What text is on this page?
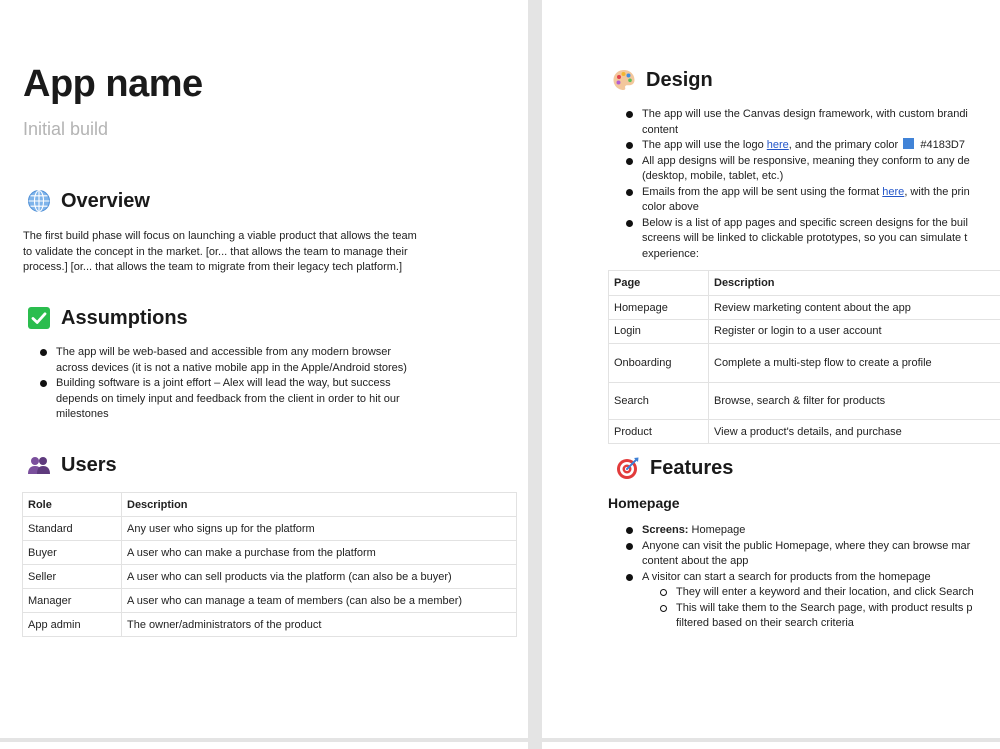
App name
Initial build
Overview
The first build phase will focus on launching a viable product that allows the team
to validate the concept in the market. [or... that allows the team to manage their
process.] [or... that allows the team to migrate from their legacy tech platform.]
Assumptions
The app will be web-based and accessible from any modern browser
across devices (it is not a native mobile app in the Apple/Android stores)
Building software is a joint effort – Alex will lead the way, but success
depends on timely input and feedback from the client in order to hit our
milestones
Users
Role	Description
Standard	Any user who signs up for the platform
Buyer	A user who can make a purchase from the platform
Seller	A user who can sell products via the platform (can also be a buyer)
Manager	A user who can manage a team of members (can also be a member)
App admin	The owner/administrators of the product
Design
The app will use the Canvas design framework, with custom brandi
content
The app will use the logo here, and the primary color  #4183D7
All app designs will be responsive, meaning they conform to any de
(desktop, mobile, tablet, etc.)
Emails from the app will be sent using the format here, with the prin
color above
Below is a list of app pages and specific screen designs for the buil
screens will be linked to clickable prototypes, so you can simulate t
experience:
Page	Description
Homepage	Review marketing content about the app
Login	Register or login to a user account
Onboarding	Complete a multi-step flow to create a profile
Search	Browse, search & filter for products
Product	View a product's details, and purchase
Features
Homepage
Screens: Homepage
Anyone can visit the public Homepage, where they can browse mar
content about the app
A visitor can start a search for products from the homepage
They will enter a keyword and their location, and click Search
This will take them to the Search page, with product results p
filtered based on their search criteria
